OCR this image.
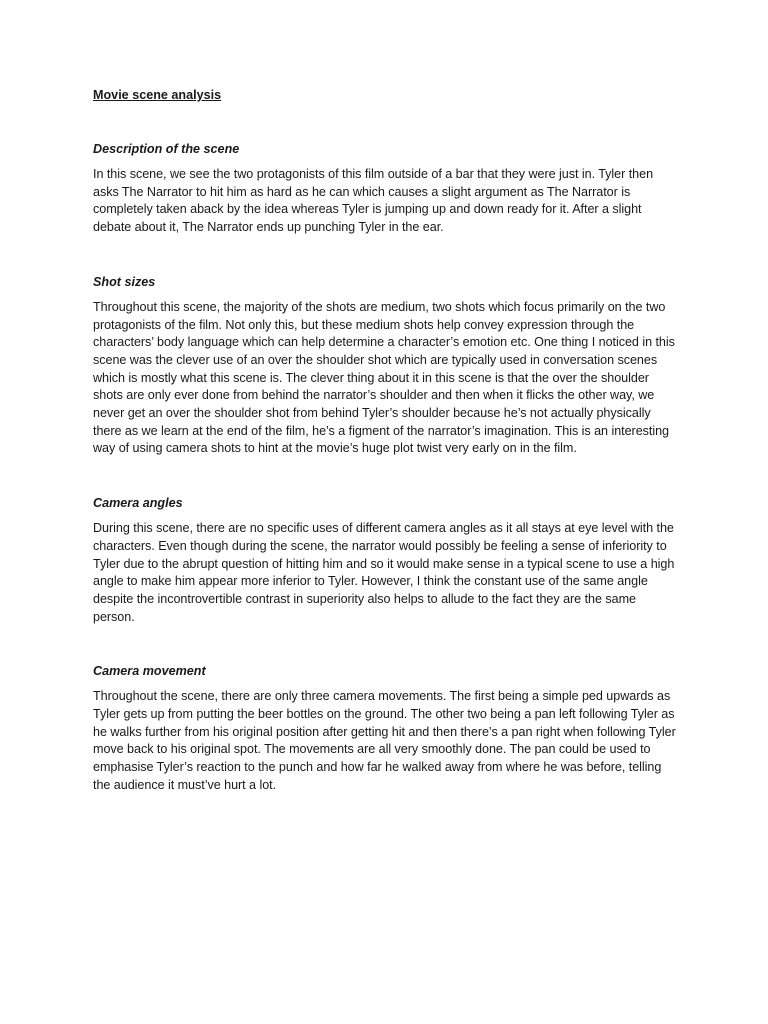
Movie scene analysis

Description of the scene

In this scene, we see the two protagonists of this film outside of a bar that they were just in. Tyler then asks The Narrator to hit him as hard as he can which causes a slight argument as The Narrator is completely taken aback by the idea whereas Tyler is jumping up and down ready for it. After a slight debate about it, The Narrator ends up punching Tyler in the ear.

Shot sizes

Throughout this scene, the majority of the shots are medium, two shots which focus primarily on the two protagonists of the film. Not only this, but these medium shots help convey expression through the characters’ body language which can help determine a character’s emotion etc. One thing I noticed in this scene was the clever use of an over the shoulder shot which are typically used in conversation scenes which is mostly what this scene is. The clever thing about it in this scene is that the over the shoulder shots are only ever done from behind the narrator’s shoulder and then when it flicks the other way, we never get an over the shoulder shot from behind Tyler’s shoulder because he’s not actually physically there as we learn at the end of the film, he’s a figment of the narrator’s imagination. This is an interesting way of using camera shots to hint at the movie’s huge plot twist very early on in the film.

Camera angles

During this scene, there are no specific uses of different camera angles as it all stays at eye level with the characters. Even though during the scene, the narrator would possibly be feeling a sense of inferiority to Tyler due to the abrupt question of hitting him and so it would make sense in a typical scene to use a high angle to make him appear more inferior to Tyler. However, I think the constant use of the same angle despite the incontrovertible contrast in superiority also helps to allude to the fact they are the same person.

Camera movement

Throughout the scene, there are only three camera movements. The first being a simple ped upwards as Tyler gets up from putting the beer bottles on the ground. The other two being a pan left following Tyler as he walks further from his original position after getting hit and then there’s a pan right when following Tyler move back to his original spot. The movements are all very smoothly done. The pan could be used to emphasise Tyler’s reaction to the punch and how far he walked away from where he was before, telling the audience it must’ve hurt a lot.
